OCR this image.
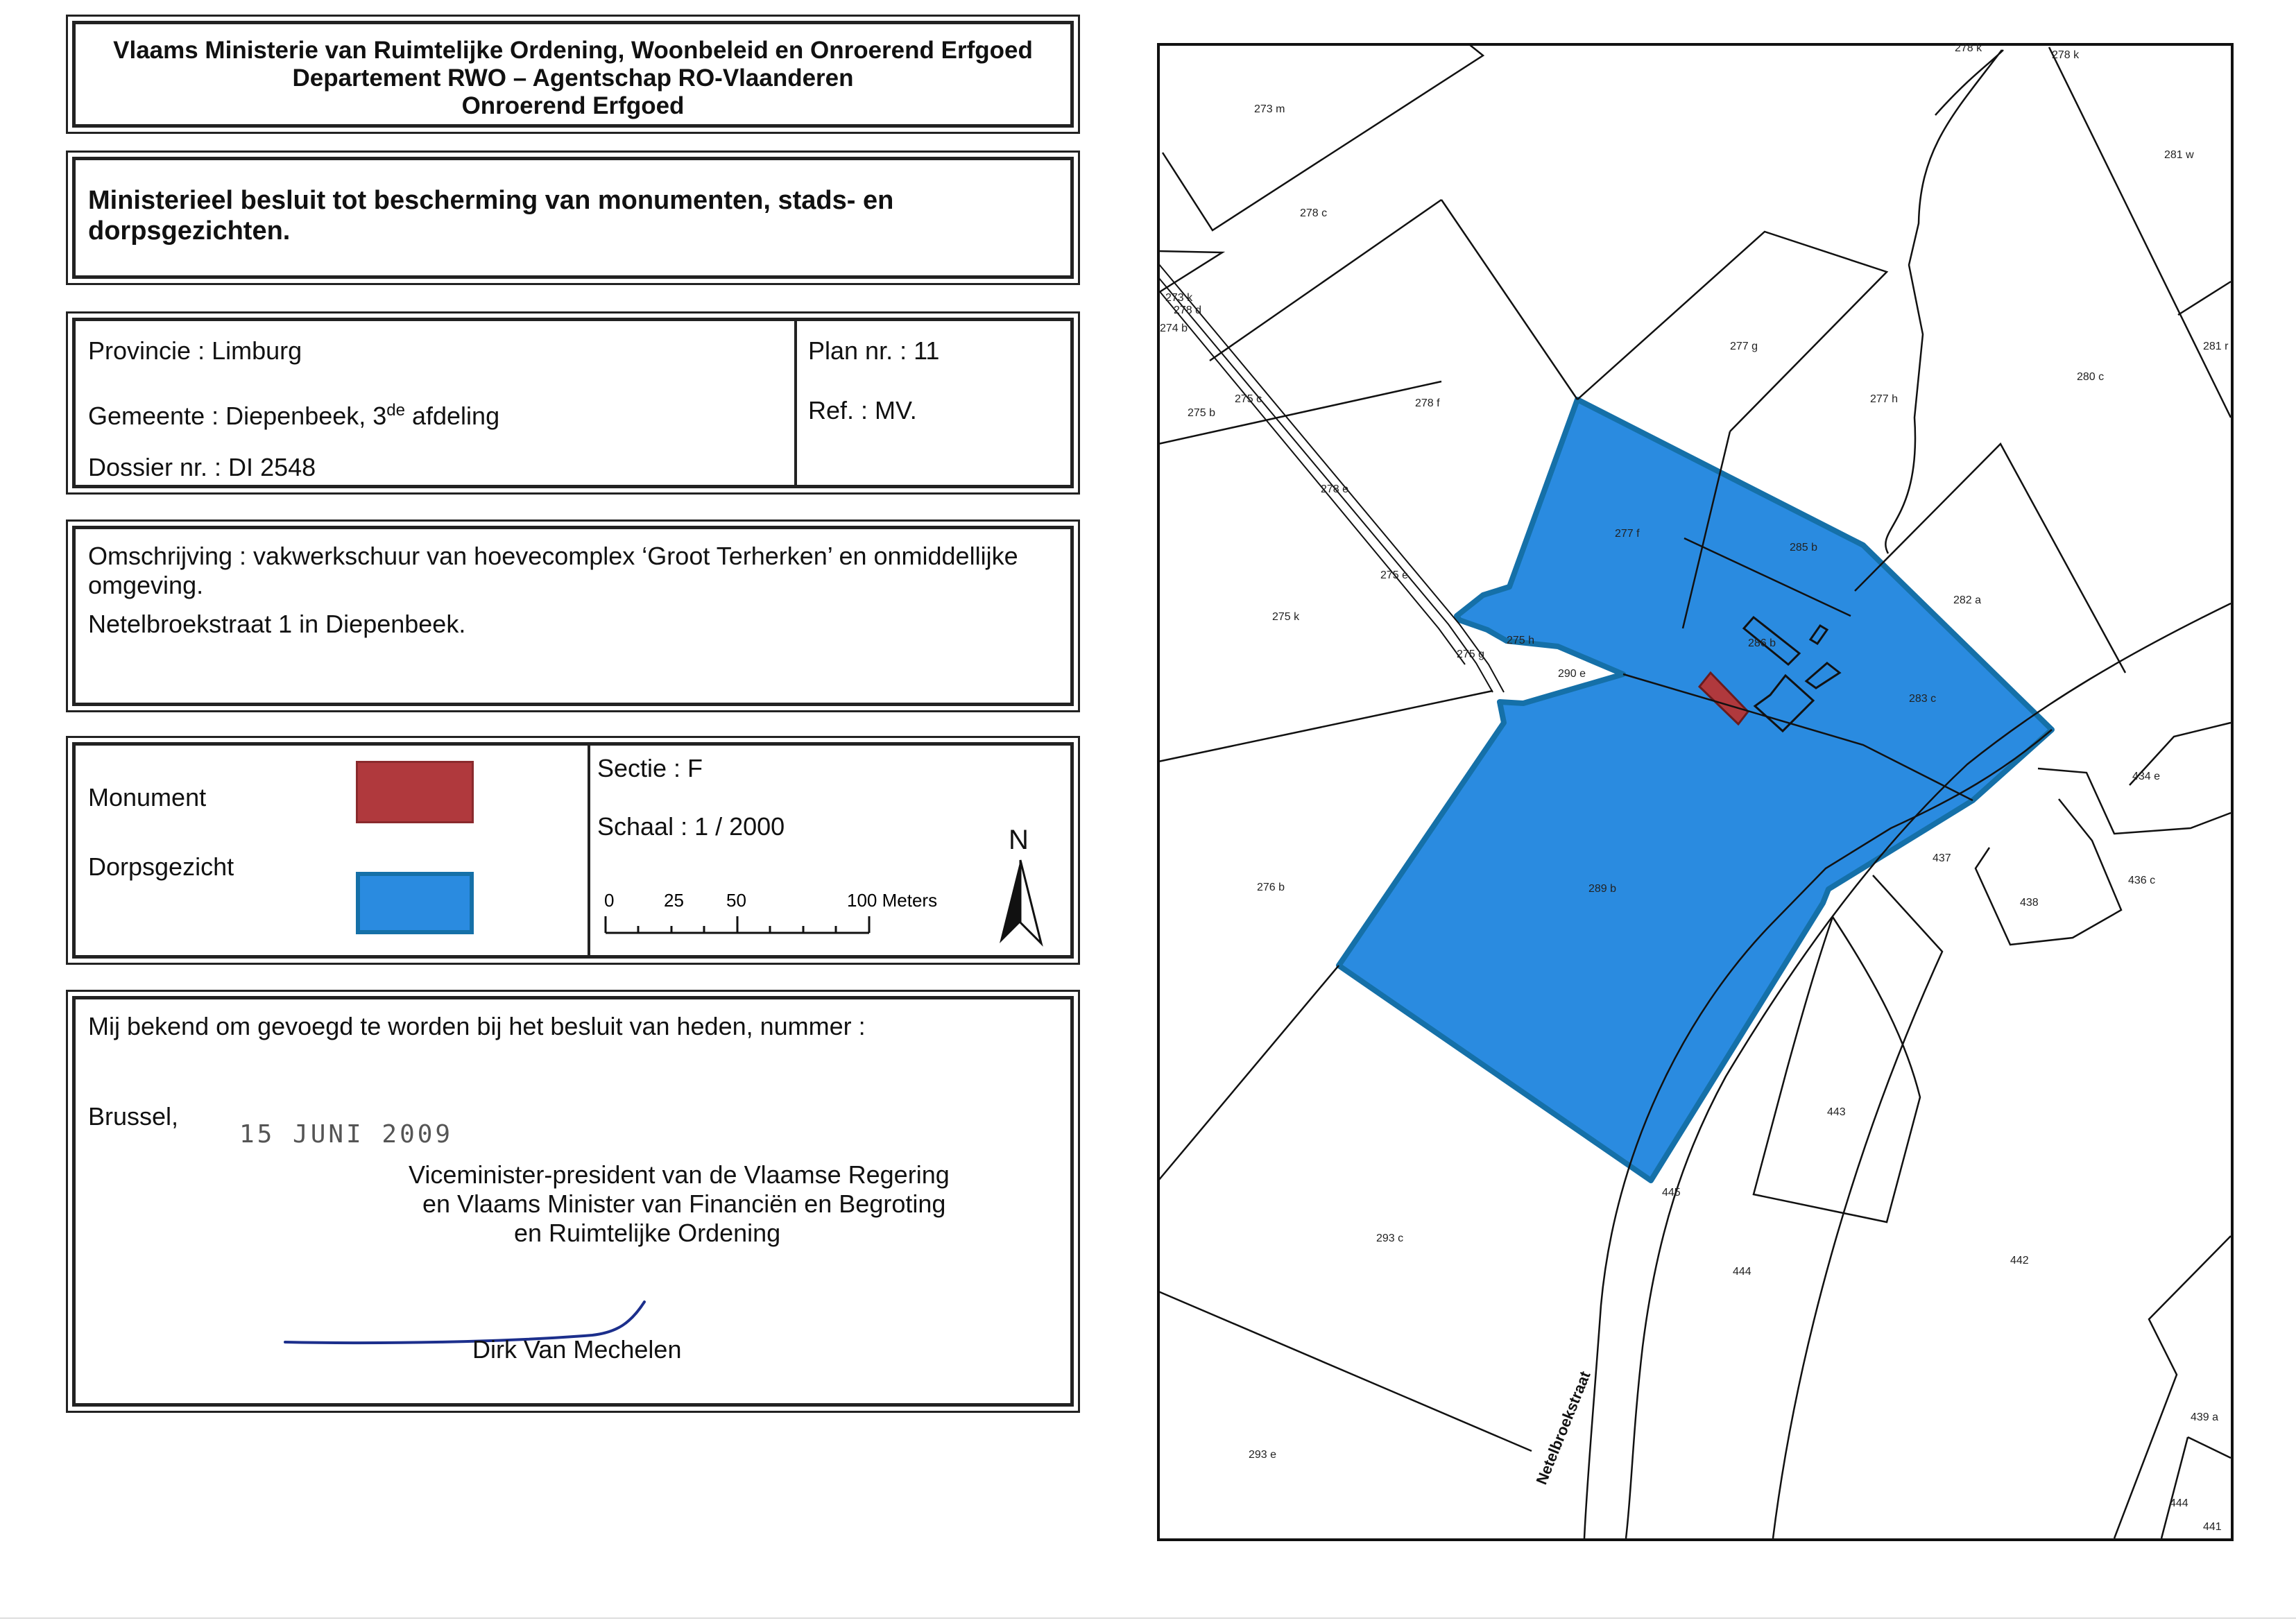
Vlaams Ministerie van Ruimtelijke Ordening, Woonbeleid en Onroerend Erfgoed
Departement RWO – Agentschap RO-Vlaanderen
Onroerend Erfgoed
Ministerieel besluit tot bescherming van monumenten, stads- en dorpsgezichten.
Provincie : Limburg
Gemeente : Diepenbeek, 3de afdeling
Dossier nr. : DI 2548
Plan nr. : 11
Ref. : MV.
Omschrijving : vakwerkschuur van hoevecomplex ‘Groot Terherken’ en onmiddellijke
omgeving.
Netelbroekstraat 1 in Diepenbeek.
Monument
Dorpsgezicht
Sectie : F
Schaal : 1 / 2000
0	25 50	100 Meters
N
Mij bekend om gevoegd te worden bij het besluit van heden, nummer :
Brussel,
15 JUNI 2009
Viceminister-president van de Vlaamse Regering
en Vlaams Minister van Financiën en Begroting
en Ruimtelijke Ordening
Dirk Van Mechelen
273 m
278 c
278 k
278 k
281 w
273 k
278 d
274 b
277 g	281 r
280 c
275 b
275 c	278 f	277 h
278 e
277 f
285 b
282 a
275 e
275 k
275 h
275 g
286 b
290 e
283 c
434 e
437
438
436 c
276 b	289 b
443
445
293 c
444
442
439 a
293 e
444
441
Netelbroekstraat
